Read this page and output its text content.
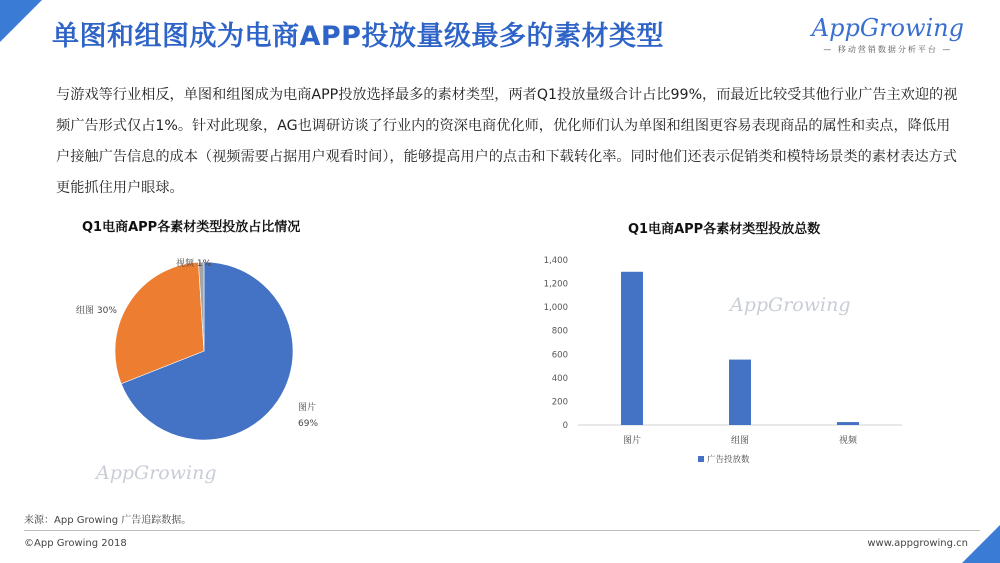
单图和组图成为电商APP投放量级最多的素材类型	AppGrowing
— 移动营销数据分析平台 —
与游戏等行业相反，单图和组图成为电商APP投放选择最多的素材类型，两者Q1投放量级合计占比99%，而最近比较受其他行业广告主欢迎的视频广告形式仅占1%。针对此现象，AG也调研访谈了行业内的资深电商优化师，优化师们认为单图和组图更容易表现商品的属性和卖点，降低用户接触广告信息的成本（视频需要占据用户观看时间），能够提高用户的点击和下载转化率。同时他们还表示促销类和模特场景类的素材表达方式更能抓住用户眼球。
Q1电商APP各素材类型投放占比情况	Q1电商APP各素材类型投放总数
图片
69%
组图 30%
视频 1%
0
200
400
600
800
1,000
1,200
1,400
图片	组图	视频
广告投放数
AppGrowing
AppGrowing
来源：App Growing 广告追踪数据。
©App Growing 2018	www.appgrowing.cn
